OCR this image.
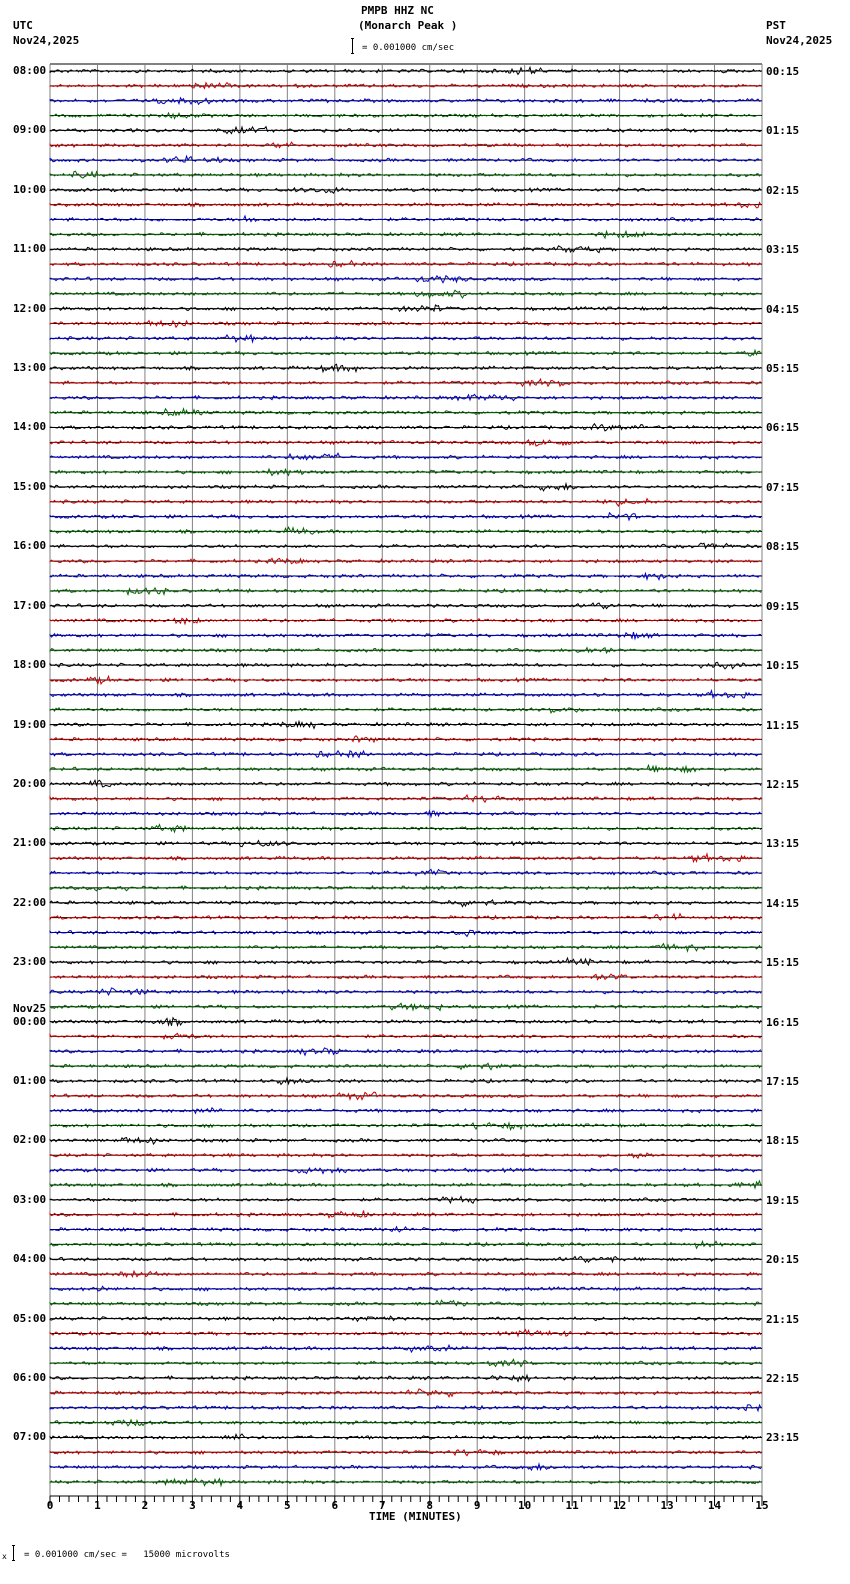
PMPB HHZ NC
(Monarch Peak )
UTC
Nov24,2025
PST
Nov24,2025
= 0.001000 cm/sec
08:00
09:00
10:00
11:00
12:00
13:00
14:00
15:00
16:00
17:00
18:00
19:00
20:00
21:00
22:00
23:00
00:00
Nov25
01:00
02:00
03:00
04:00
05:00
06:00
07:00
00:15
01:15
02:15
03:15
04:15
05:15
06:15
07:15
08:15
09:15
10:15
11:15
12:15
13:15
14:15
15:15
16:15
17:15
18:15
19:15
20:15
21:15
22:15
23:15
0	1	2	3	4	5	6	7	8	9	10	11	12	13	14	15
TIME (MINUTES)
x = 0.001000 cm/sec =   15000 microvolts
